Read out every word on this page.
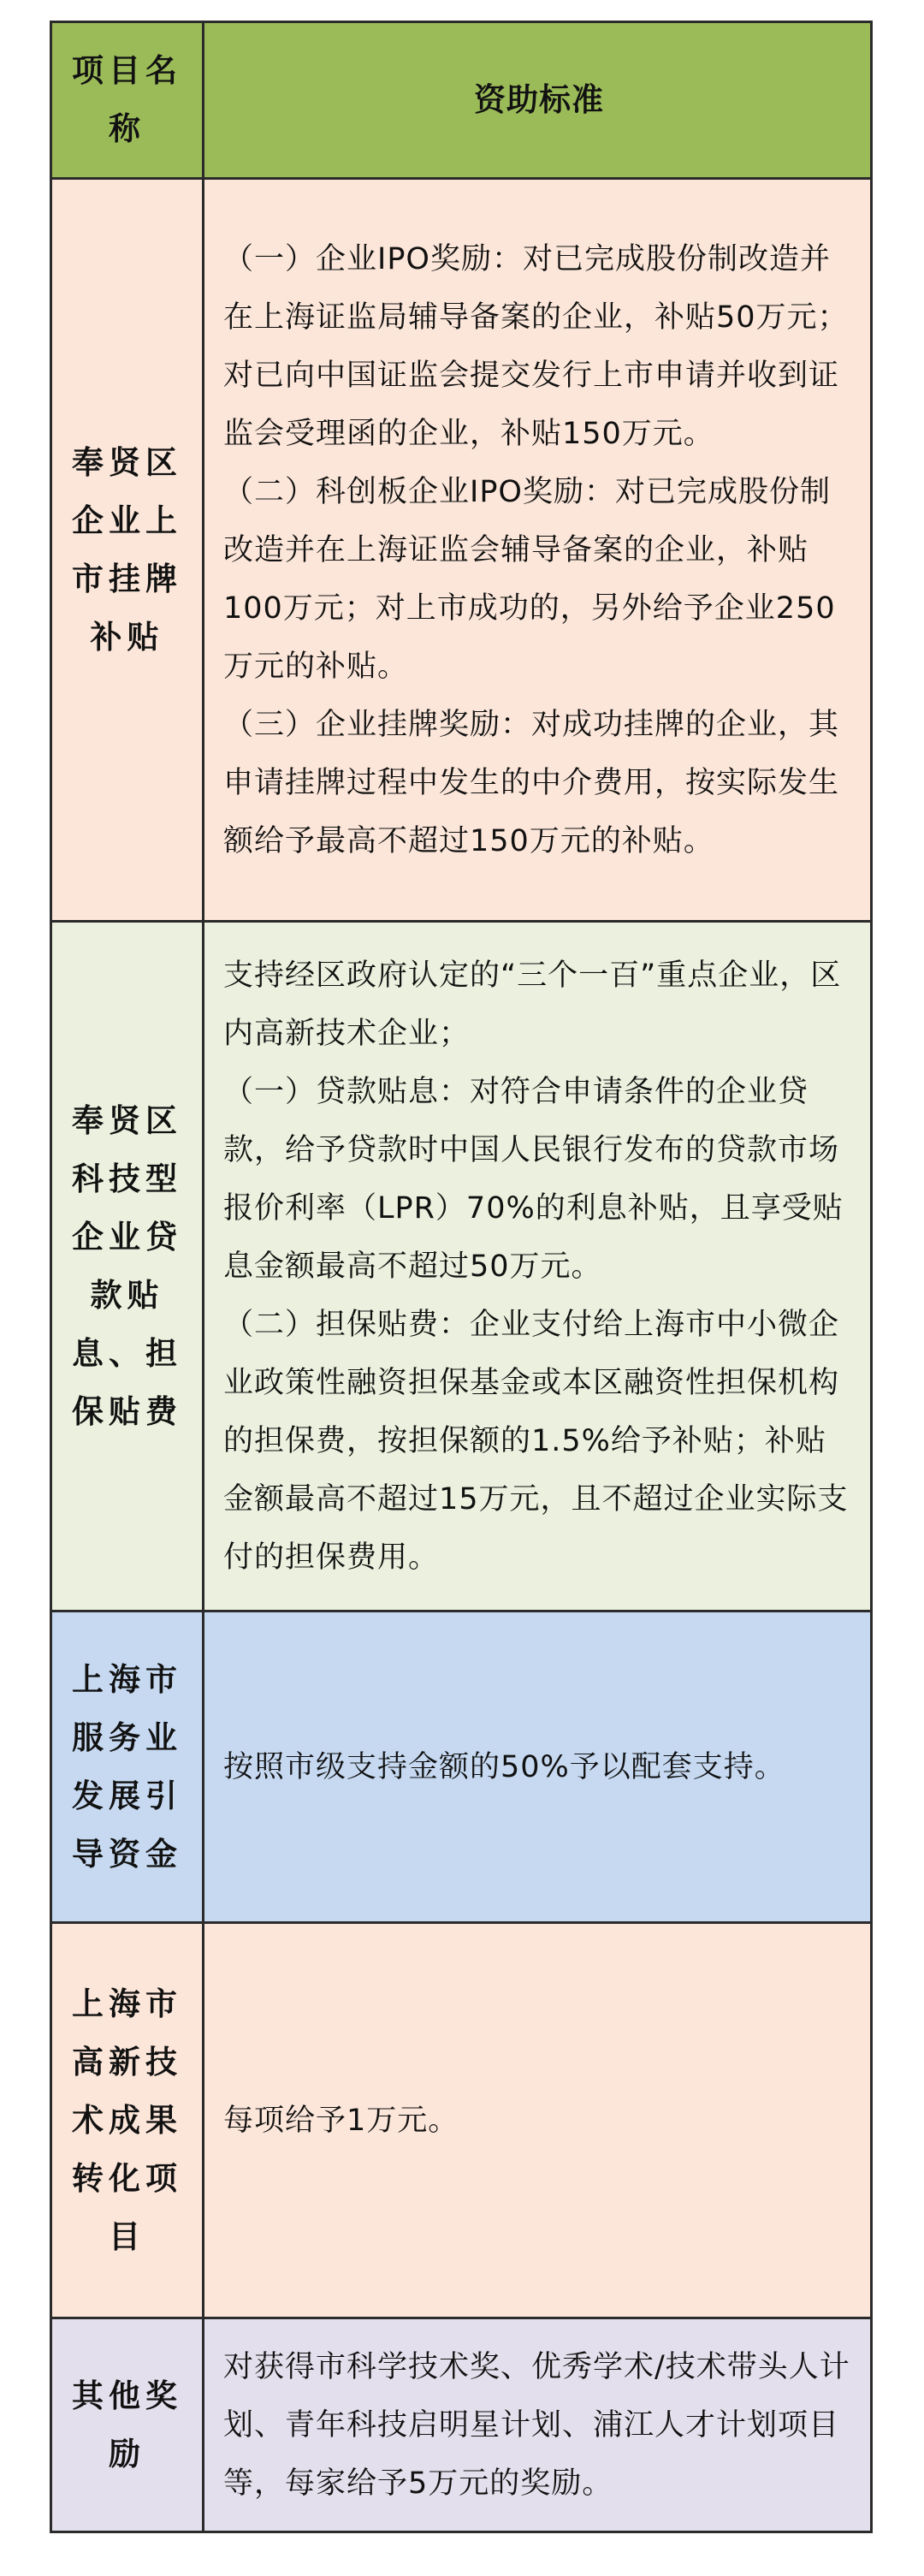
项目名称
资助标准
奉贤区企业上市挂牌补贴

（一）企业IPO奖励：对已完成股份制改造并在上海证监局辅导备案的企业，补贴50万元；对已向中国证监会提交发行上市申请并收到证监会受理函的企业，补贴150万元。

（二）科创板企业IPO奖励：对已完成股份制改造并在上海证监会辅导备案的企业，补贴100万元；对上市成功的，另外给予企业250万元的补贴。

（三）企业挂牌奖励：对成功挂牌的企业，其申请挂牌过程中发生的中介费用，按实际发生额给予最高不超过150万元的补贴。

奉贤区科技型企业贷款贴息、担保贴费

支持经区政府认定的“三个一百”重点企业，区内高新技术企业；

（一）贷款贴息：对符合申请条件的企业贷款，给予贷款时中国人民银行发布的贷款市场报价利率（LPR）70%的利息补贴，且享受贴息金额最高不超过50万元。

（二）担保贴费：企业支付给上海市中小微企业政策性融资担保基金或本区融资性担保机构的担保费，按担保额的1.5%给予补贴；补贴金额最高不超过15万元，且不超过企业实际支付的担保费用。

上海市服务业发展引导资金

按照市级支持金额的50%予以配套支持。

上海市高新技术成果转化项目

每项给予1万元。

其他奖励

对获得市科学技术奖、优秀学术/技术带头人计划、青年科技启明星计划、浦江人才计划项目等，每家给予5万元的奖励。
